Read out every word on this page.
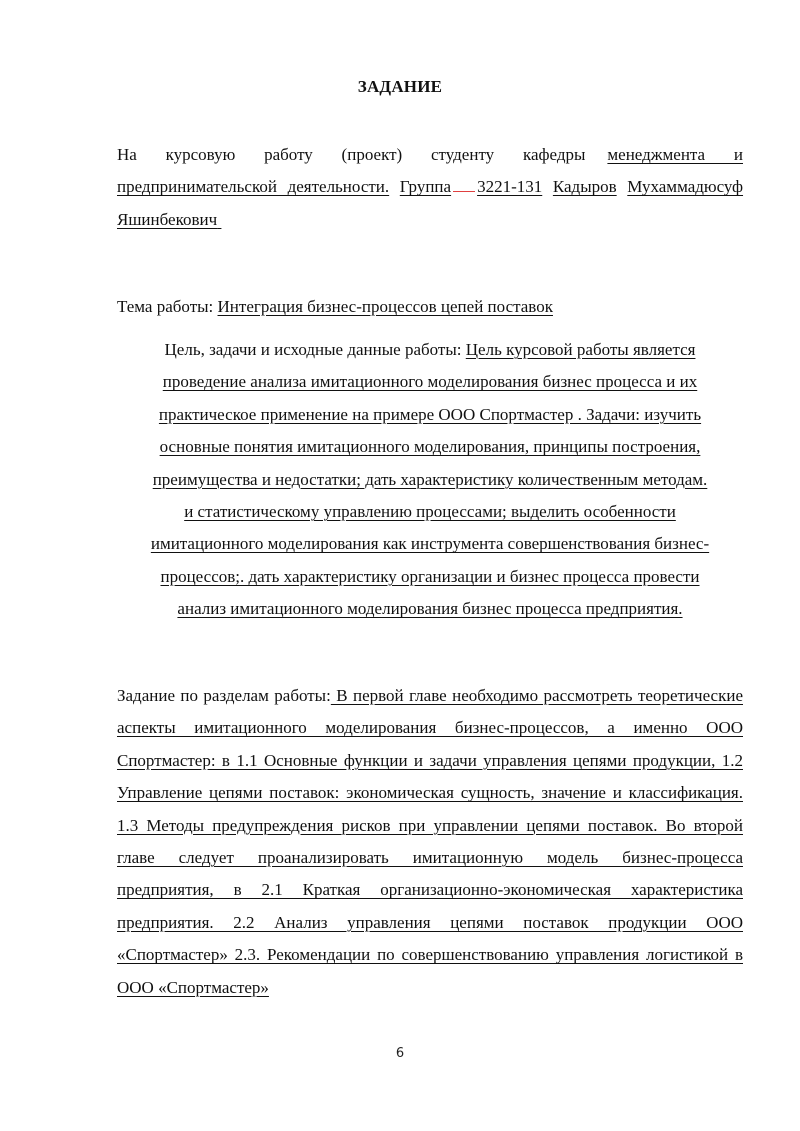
ЗАДАНИЕ
На курсовую работу (проект) студенту кафедры менеджмента и предпринимательской деятельности. Группа 3221-131 Кадыров Мухаммадюсуф Яшинбекович
Тема работы: Интеграция бизнес-процессов цепей поставок
Цель, задачи и исходные данные работы: Цель курсовой работы является
проведение анализа имитационного моделирования бизнес процесса и их
практическое применение на примере ООО Спортмастер . Задачи: изучить
основные понятия имитационного моделирования, принципы построения,
преимущества и недостатки; дать характеристику количественным методам.
и статистическому управлению процессами; выделить особенности
имитационного моделирования как инструмента совершенствования бизнес-
процессов;. дать характеристику организации и бизнес процесса провести
анализ имитационного моделирования бизнес процесса предприятия.
Задание по разделам работы: В первой главе необходимо рассмотреть теоретические аспекты имитационного моделирования бизнес-процессов, а именно ООО Спортмастер: в 1.1 Основные функции и задачи управления цепями продукции, 1.2 Управление цепями поставок: экономическая сущность, значение и классификация. 1.3 Методы предупреждения рисков при управлении цепями поставок. Во второй главе следует проанализировать имитационную модель бизнес-процесса предприятия, в 2.1 Краткая организационно-экономическая характеристика предприятия. 2.2 Анализ управления цепями поставок продукции ООО «Спортмастер» 2.3. Рекомендации по совершенствованию управления логистикой в ООО «Спортмастер»
6
